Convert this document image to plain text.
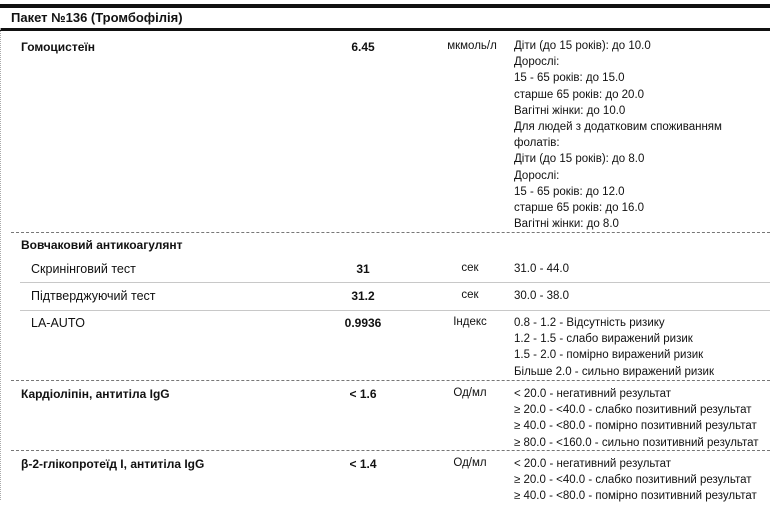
Пакет №136 (Тромбофілія)
Гомоцистеїн	6.45	мкмоль/л	Діти (до 15 років): до 10.0
Дорослі:
15 - 65 років: до 15.0
старше 65 років: до 20.0
Вагітні жінки: до 10.0
Для людей з додатковим споживанням
фолатів:
Діти (до 15 років): до 8.0
Дорослі:
15 - 65 років: до 12.0
старше 65 років: до 16.0
Вагітні жінки: до 8.0
Вовчаковий антикоагулянт
Скринінговий тест	31	сек	31.0 - 44.0
Підтверджуючий тест	31.2	сек	30.0 - 38.0
LA-AUTO	0.9936	Індекс	0.8 - 1.2 - Відсутність ризику
1.2 - 1.5 - слабо виражений ризик
1.5 - 2.0 - помірно виражений ризик
Більше 2.0 - сильно виражений ризик
Кардіоліпін, антитіла IgG	< 1.6	Од/мл	< 20.0 - негативний результат
≥ 20.0 - <40.0 - слабко позитивний результат
≥ 40.0 - <80.0 - помірно позитивний результат
≥ 80.0 - <160.0 - сильно позитивний результат
β-2-глікопротеїд I, антитіла IgG	< 1.4	Од/мл	< 20.0 - негативний результат
≥ 20.0 - <40.0 - слабко позитивний результат
≥ 40.0 - <80.0 - помірно позитивний результат
